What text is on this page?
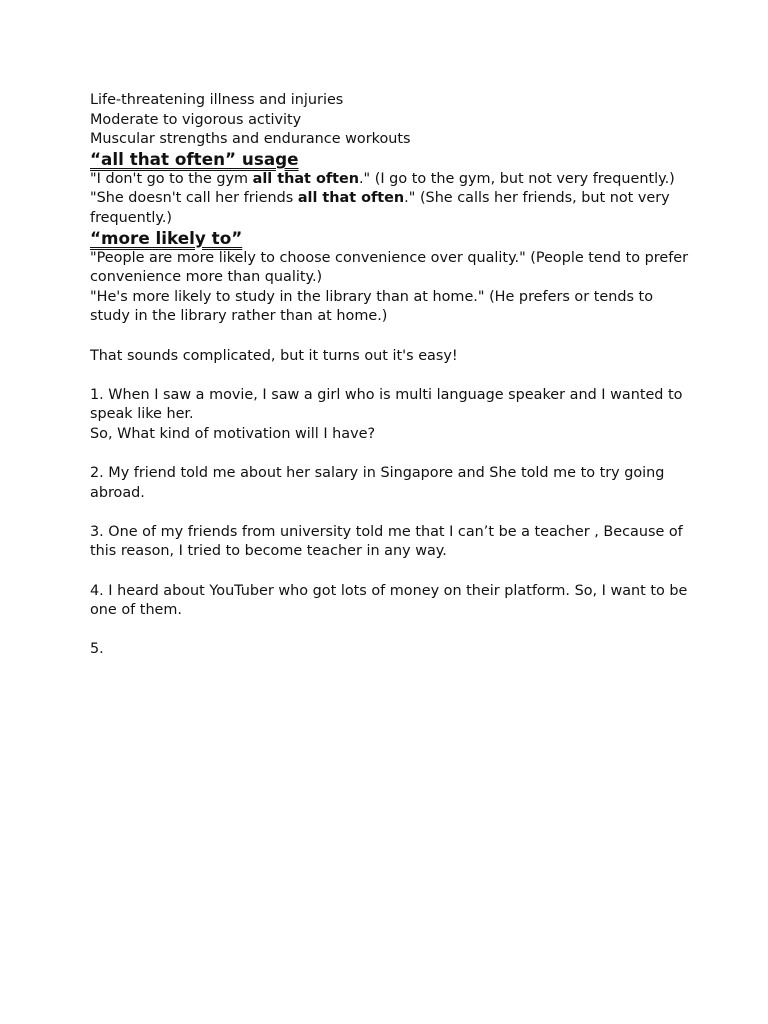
Life-threatening illness and injuries
Moderate to vigorous activity
Muscular strengths and endurance workouts
“all that often” usage
"I don't go to the gym all that often." (I go to the gym, but not very frequently.)
"She doesn't call her friends all that often." (She calls her friends, but not very frequently.)
“more likely to”
"People are more likely to choose convenience over quality." (People tend to prefer convenience more than quality.)
"He's more likely to study in the library than at home." (He prefers or tends to study in the library rather than at home.)
That sounds complicated, but it turns out it's easy!
1. When I saw a movie, I saw a girl who is multi language speaker and I wanted to speak like her.
So, What kind of motivation will I have?
2. My friend told me about her salary in Singapore and She told me to try going abroad.
3. One of my friends from university told me that I can’t be a teacher , Because of this reason, I tried to become teacher in any way.
4. I heard about YouTuber who got lots of money on their platform. So, I want to be one of them.
5.
